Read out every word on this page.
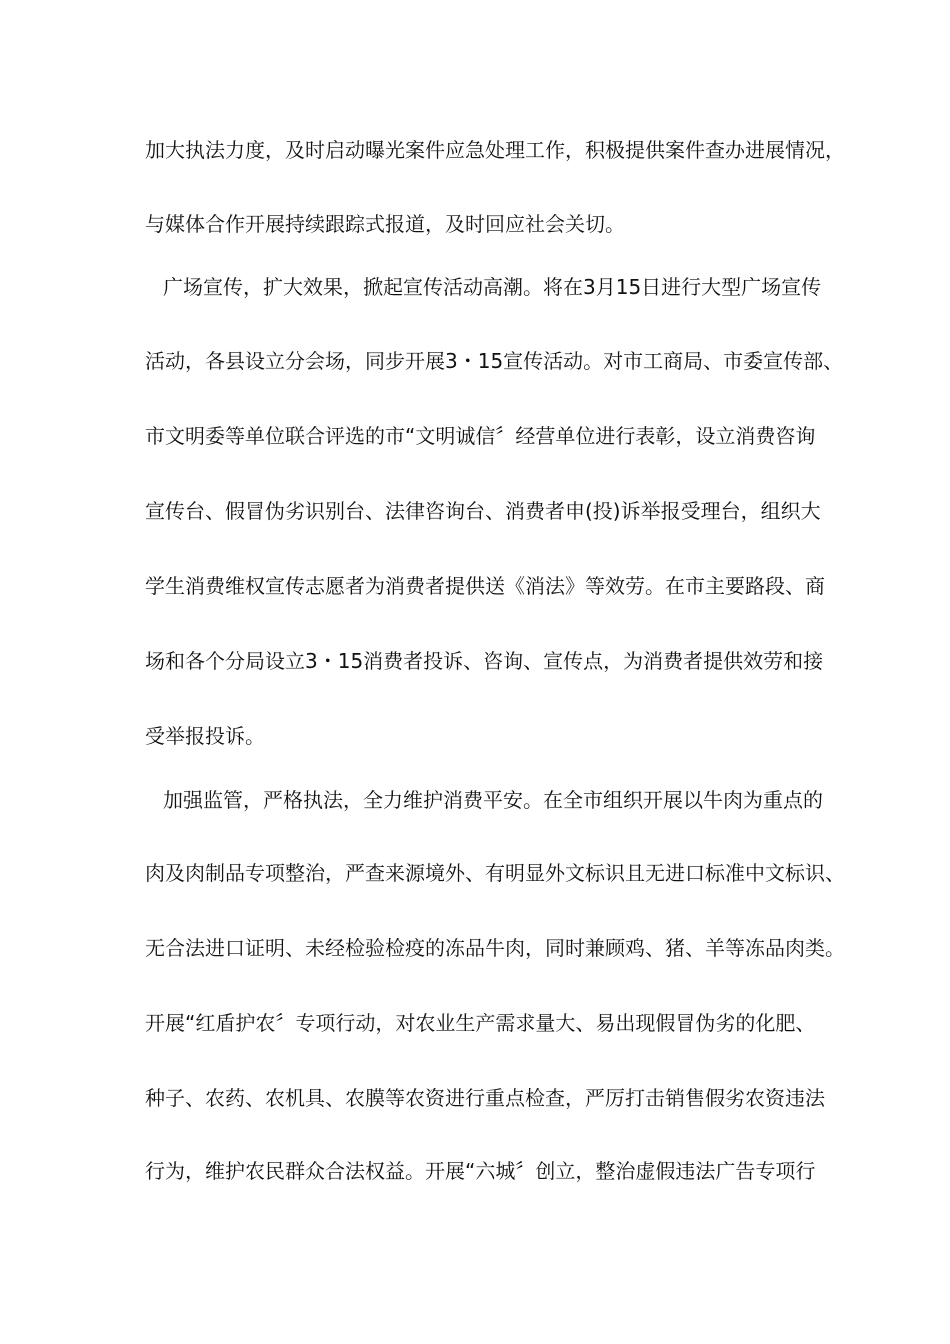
加大执法力度，及时启动曝光案件应急处理工作，积极提供案件查办进展情况，
与媒体合作开展持续跟踪式报道，及时回应社会关切。
广场宣传，扩大效果，掀起宣传活动高潮。将在3月15日进行大型广场宣传
活动，各县设立分会场，同步开展3・15宣传活动。对市工商局、市委宣传部、
市文明委等单位联合评选的市“文明诚信〞经营单位进行表彰，设立消费咨询
宣传台、假冒伪劣识别台、法律咨询台、消费者申(投)诉举报受理台，组织大
学生消费维权宣传志愿者为消费者提供送《消法》等效劳。在市主要路段、商
场和各个分局设立3・15消费者投诉、咨询、宣传点，为消费者提供效劳和接
受举报投诉。
加强监管，严格执法，全力维护消费平安。在全市组织开展以牛肉为重点的
肉及肉制品专项整治，严查来源境外、有明显外文标识且无进口标准中文标识、
无合法进口证明、未经检验检疫的冻品牛肉，同时兼顾鸡、猪、羊等冻品肉类。
开展“红盾护农〞专项行动，对农业生产需求量大、易出现假冒伪劣的化肥、
种子、农药、农机具、农膜等农资进行重点检查，严厉打击销售假劣农资违法
行为，维护农民群众合法权益。开展“六城〞创立，整治虚假违法广告专项行
